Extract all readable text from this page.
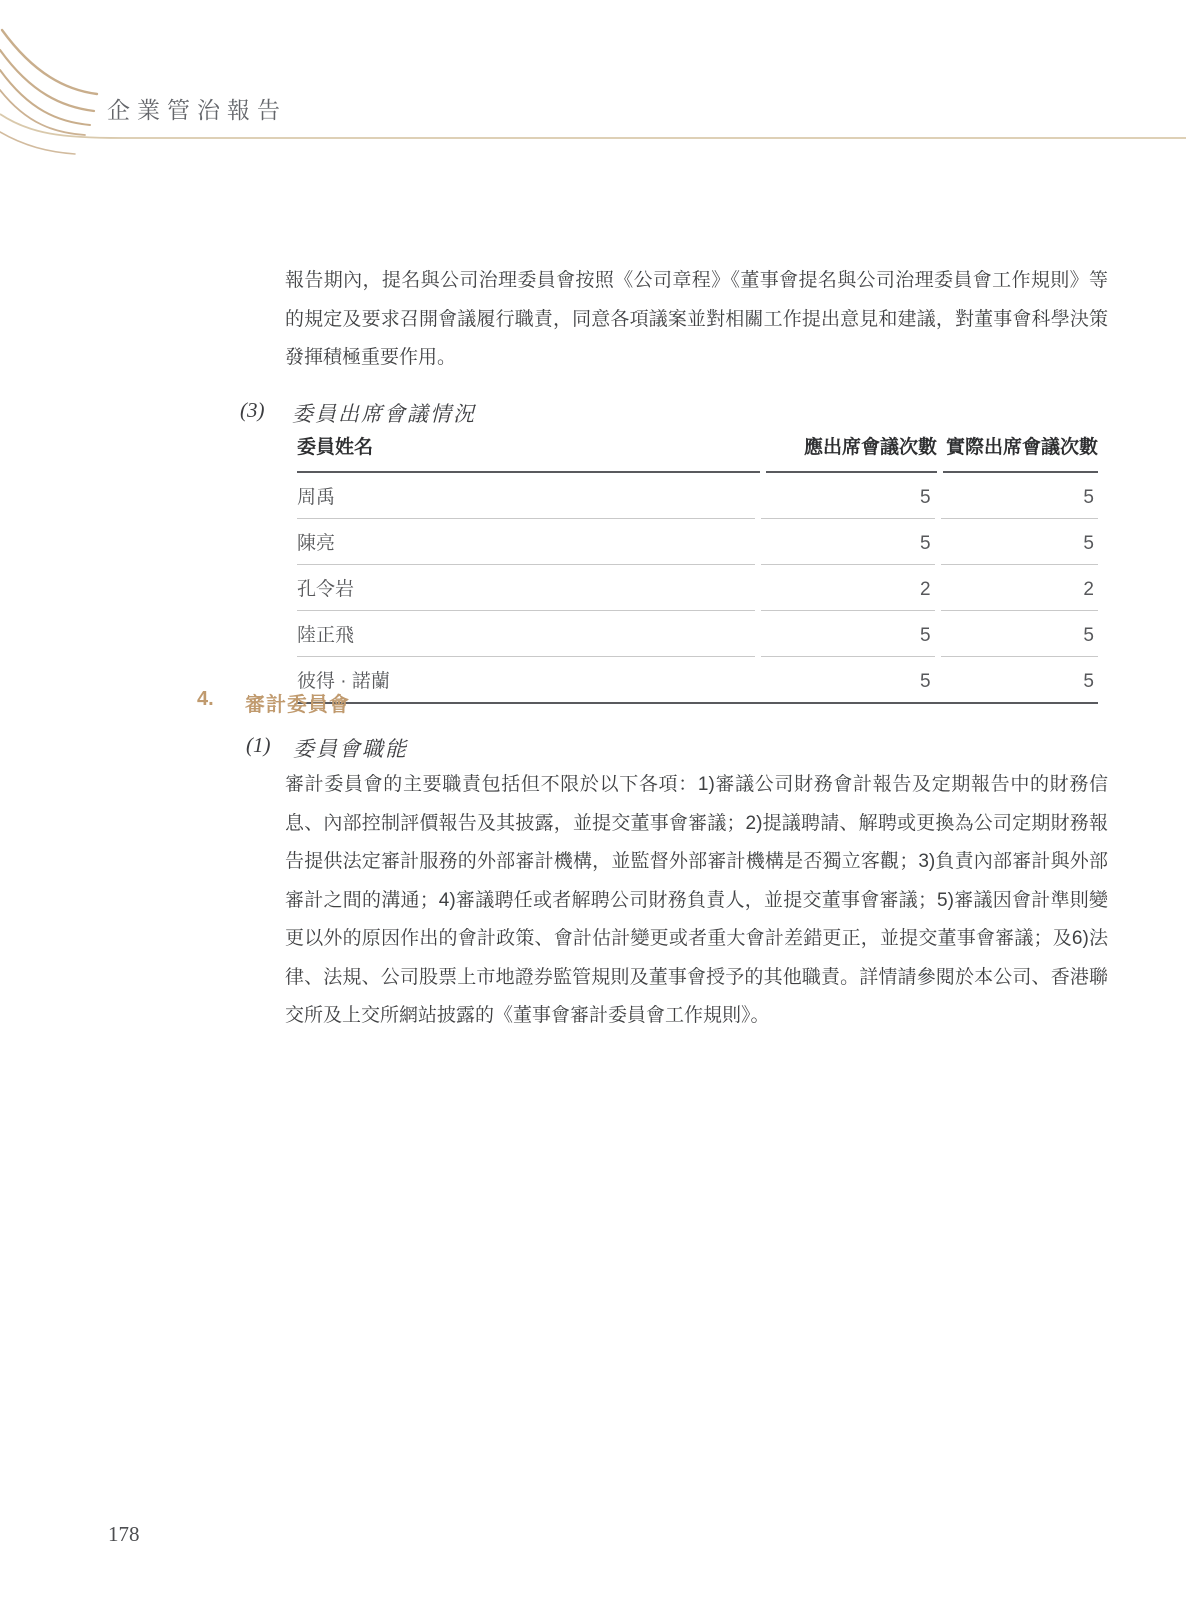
企業管治報告
報告期內，提名與公司治理委員會按照《公司章程》《董事會提名與公司治理委員會工作規則》等的規定及要求召開會議履行職責，同意各項議案並對相關工作提出意見和建議，對董事會科學決策發揮積極重要作用。
(3) 委員出席會議情況
委員姓名	應出席會議次數 實際出席會議次數
周禹	5	5
陳亮	5	5
孔令岩	2	2
陸正飛	5	5
彼得 · 諾蘭	5	5
4. 審計委員會
(1) 委員會職能
審計委員會的主要職責包括但不限於以下各項：1)審議公司財務會計報告及定期報告中的財務信息、內部控制評價報告及其披露，並提交董事會審議；2)提議聘請、解聘或更換為公司定期財務報告提供法定審計服務的外部審計機構，並監督外部審計機構是否獨立客觀；3)負責內部審計與外部審計之間的溝通；4)審議聘任或者解聘公司財務負責人，並提交董事會審議；5)審議因會計準則變更以外的原因作出的會計政策、會計估計變更或者重大會計差錯更正，並提交董事會審議；及6)法律、法規、公司股票上市地證券監管規則及董事會授予的其他職責。詳情請參閱於本公司、香港聯交所及上交所網站披露的《董事會審計委員會工作規則》。
178
